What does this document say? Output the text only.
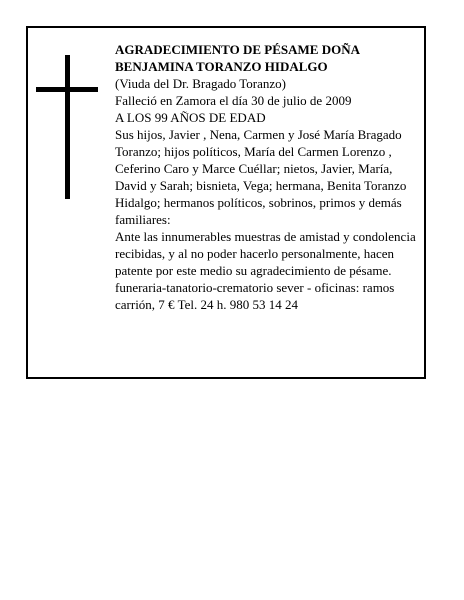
AGRADECIMIENTO DE PÉSAME DOÑA BENJAMINA TORANZO HIDALGO

(Viuda del Dr. Bragado Toranzo)

Falleció en Zamora el día 30 de julio de 2009

A LOS 99 AÑOS DE EDAD

Sus hijos, Javier , Nena, Carmen y José María Bragado Toranzo; hijos políticos, María del Carmen Lorenzo , Ceferino Caro y Marce Cuéllar; nietos, Javier, María, David y Sarah; bisnieta, Vega; hermana, Benita Toranzo Hidalgo; hermanos políticos, sobrinos, primos y demás familiares:

Ante las innumerables muestras de amistad y condolencia recibidas, y al no poder hacerlo personalmente, hacen patente por este medio su agradecimiento de pésame.

funeraria-tanatorio-crematorio sever - oficinas: ramos carrión, 7 € Tel. 24 h. 980 53 14 24
